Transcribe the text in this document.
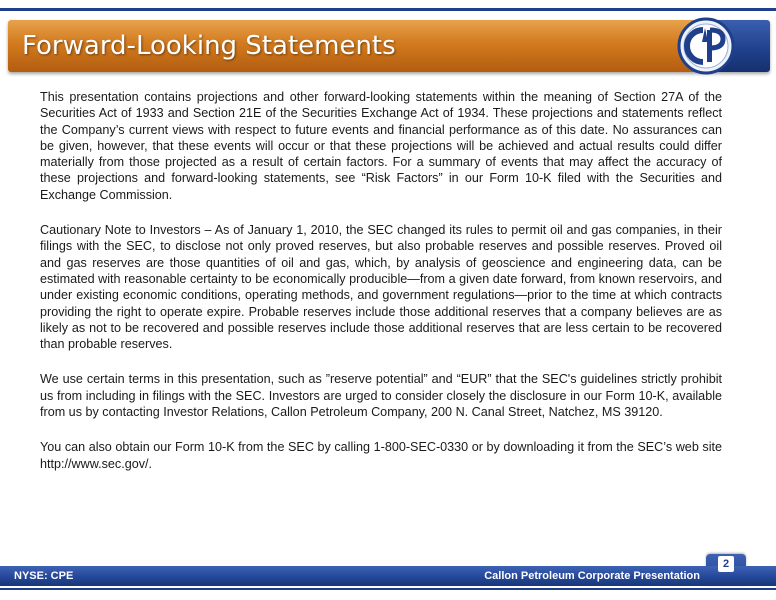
Forward-Looking Statements

This presentation contains projections and other forward-looking statements within the meaning of Section 27A of the Securities Act of 1933 and Section 21E of the Securities Exchange Act of 1934. These projections and statements reflect the Company’s current views with respect to future events and financial performance as of this date. No assurances can be given, however, that these events will occur or that these projections will be achieved and actual results could differ materially from those projected as a result of certain factors. For a summary of events that may affect the accuracy of these projections and forward-looking statements, see “Risk Factors” in our Form 10-K filed with the Securities and Exchange Commission.

Cautionary Note to Investors – As of January 1, 2010, the SEC changed its rules to permit oil and gas companies, in their filings with the SEC, to disclose not only proved reserves, but also probable reserves and possible reserves. Proved oil and gas reserves are those quantities of oil and gas, which, by analysis of geoscience and engineering data, can be estimated with reasonable certainty to be economically producible—from a given date forward, from known reservoirs, and under existing economic conditions, operating methods, and government regulations—prior to the time at which contracts providing the right to operate expire. Probable reserves include those additional reserves that a company believes are as likely as not to be recovered and possible reserves include those additional reserves that are less certain to be recovered than probable reserves.

We use certain terms in this presentation, such as ”reserve potential” and “EUR” that the SEC's guidelines strictly prohibit us from including in filings with the SEC. Investors are urged to consider closely the disclosure in our Form 10-K, available from us by contacting Investor Relations, Callon Petroleum Company, 200 N. Canal Street, Natchez, MS 39120.

You can also obtain our Form 10-K from the SEC by calling 1-800-SEC-0330 or by downloading it from the SEC’s web site http://www.sec.gov/.

NYSE: CPE	Callon Petroleum Corporate Presentation
2
